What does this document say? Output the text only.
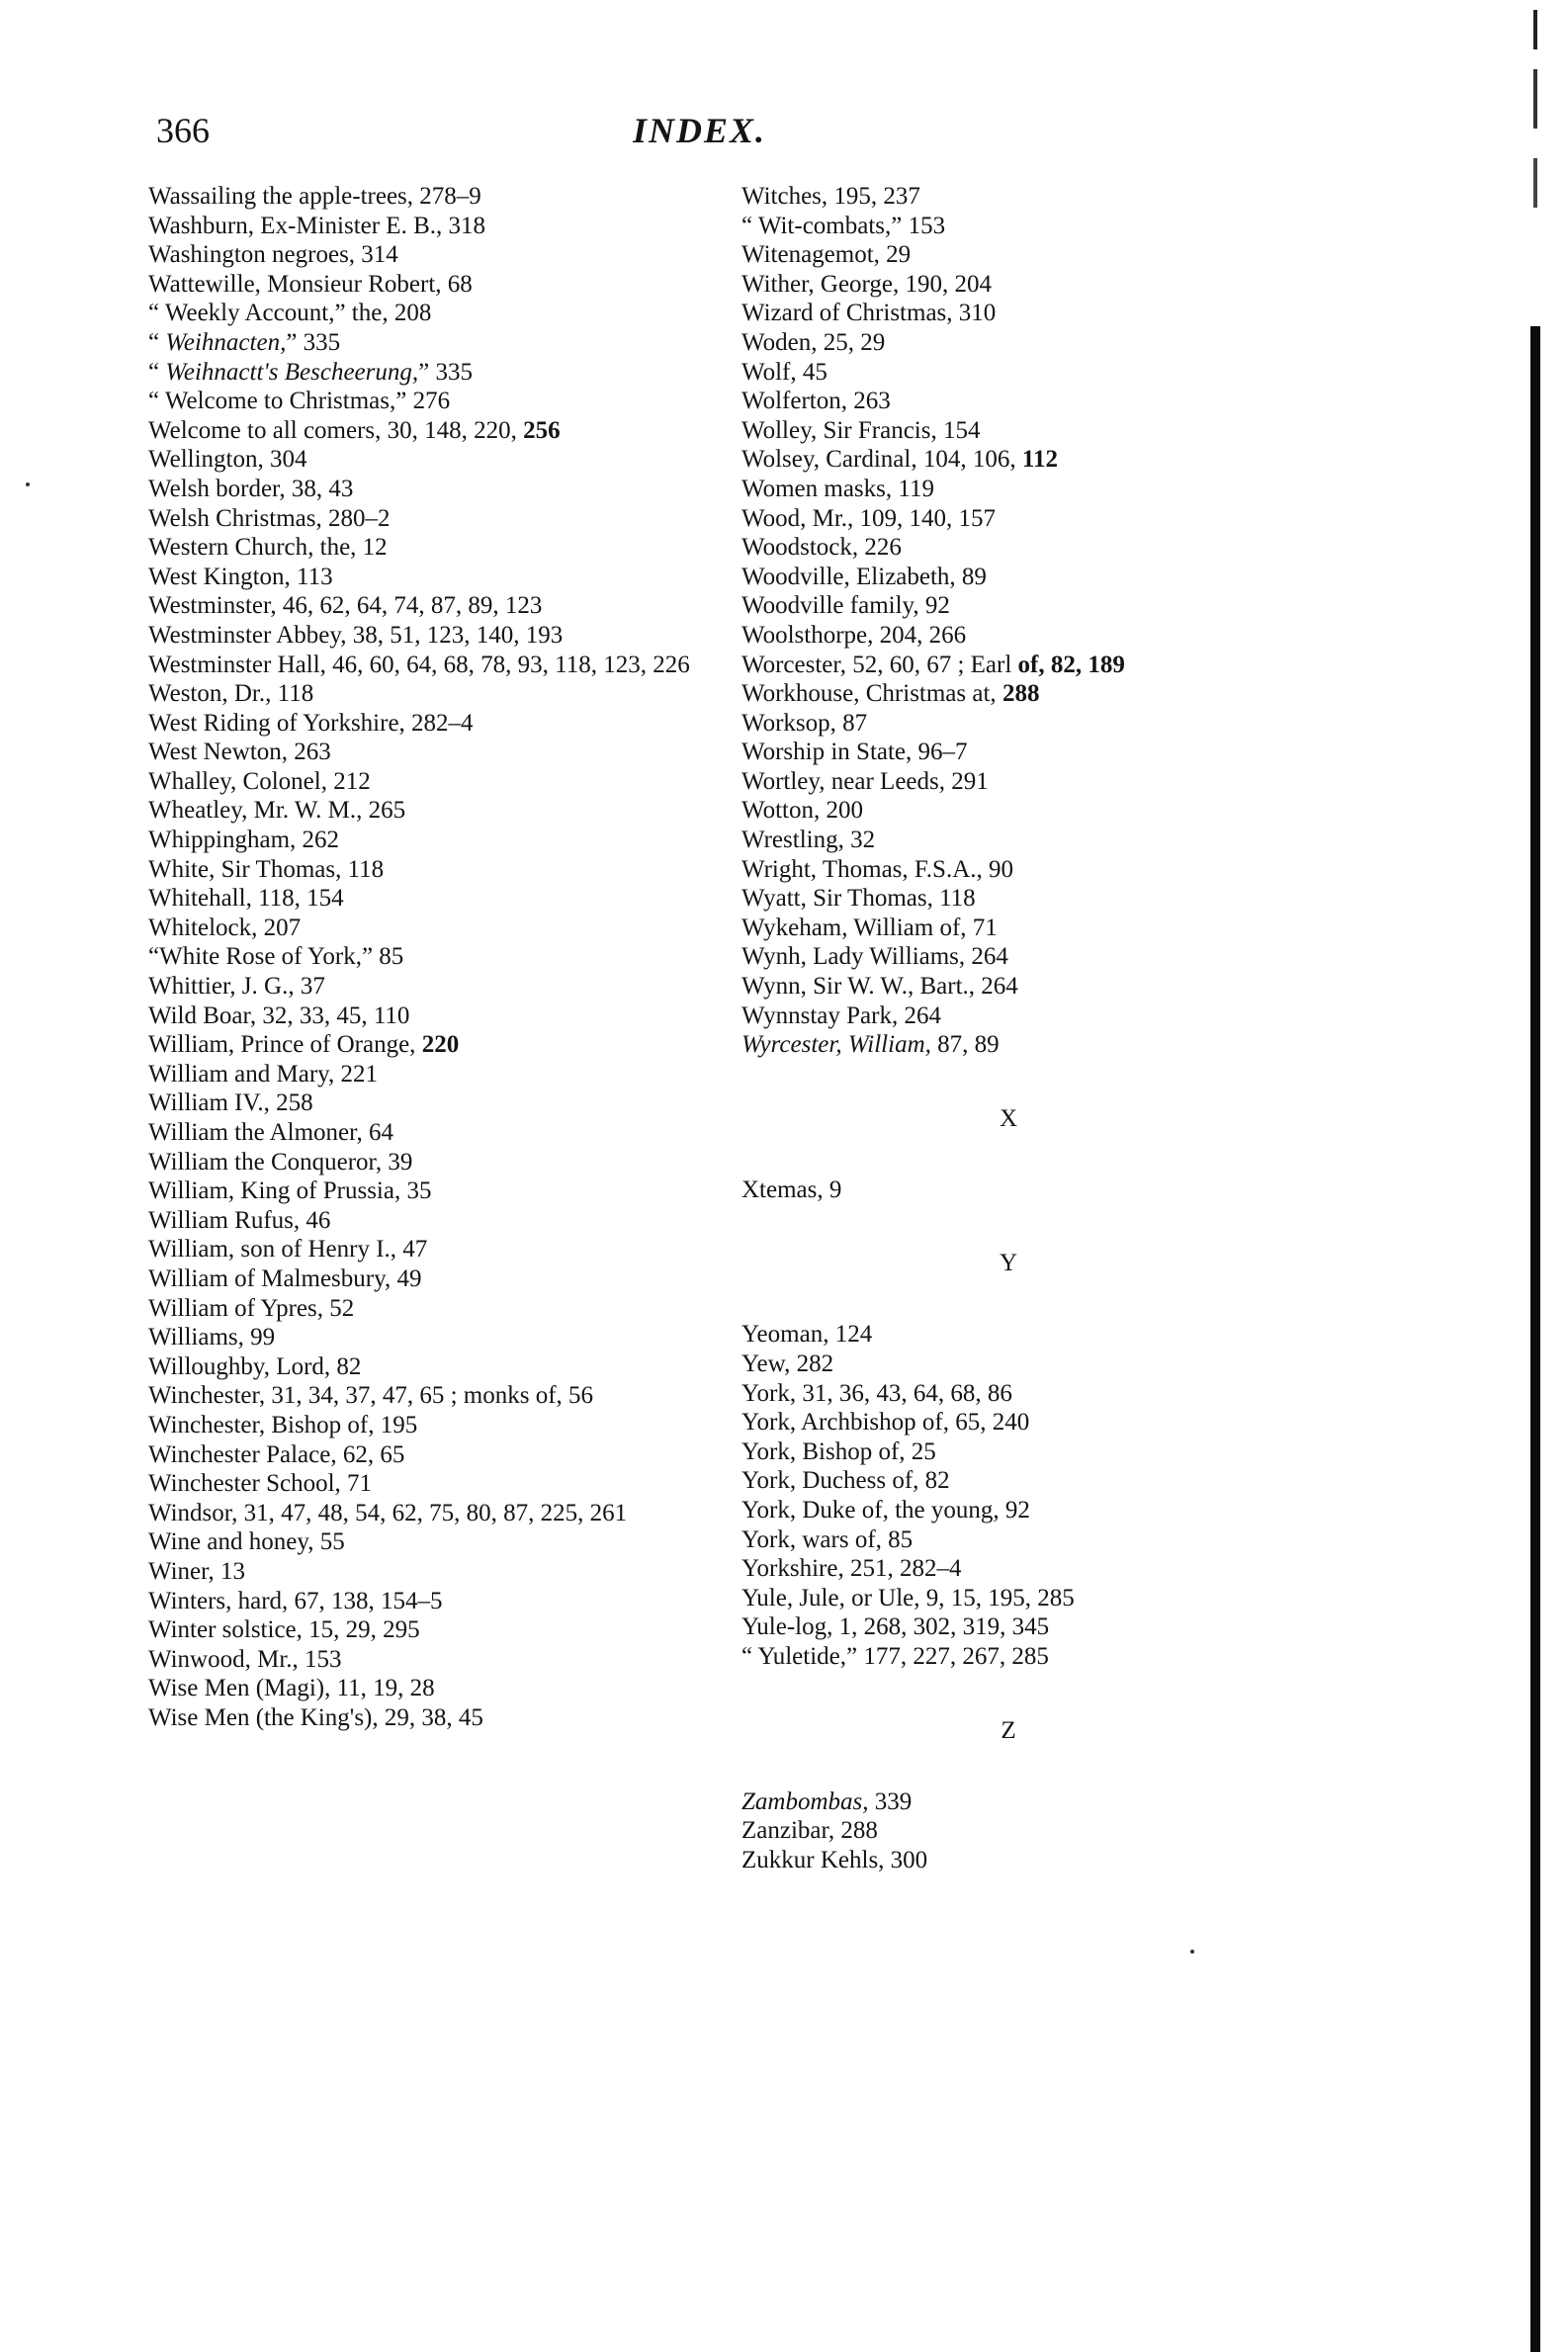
366	INDEX.
Wassailing the apple-trees, 278–9
Washburn, Ex-Minister E. B., 318
Washington negroes, 314
Wattewille, Monsieur Robert, 68
“ Weekly Account,” the, 208
“ Weihnacten,” 335
“ Weihnactt's Bescheerung,” 335
“ Welcome to Christmas,” 276
Welcome to all comers, 30, 148, 220, 256
Wellington, 304
Welsh border, 38, 43
Welsh Christmas, 280–2
Western Church, the, 12
West Kington, 113
Westminster, 46, 62, 64, 74, 87, 89, 123
Westminster Abbey, 38, 51, 123, 140, 193
Westminster Hall, 46, 60, 64, 68, 78, 93, 118, 123, 226
Weston, Dr., 118
West Riding of Yorkshire, 282–4
West Newton, 263
Whalley, Colonel, 212
Wheatley, Mr. W. M., 265
Whippingham, 262
White, Sir Thomas, 118
Whitehall, 118, 154
Whitelock, 207
“White Rose of York,” 85
Whittier, J. G., 37
Wild Boar, 32, 33, 45, 110
William, Prince of Orange, 220
William and Mary, 221
William IV., 258
William the Almoner, 64
William the Conqueror, 39
William, King of Prussia, 35
William Rufus, 46
William, son of Henry I., 47
William of Malmesbury, 49
William of Ypres, 52
Williams, 99
Willoughby, Lord, 82
Winchester, 31, 34, 37, 47, 65 ; monks of, 56
Winchester, Bishop of, 195
Winchester Palace, 62, 65
Winchester School, 71
Windsor, 31, 47, 48, 54, 62, 75, 80, 87, 225, 261
Wine and honey, 55
Winer, 13
Winters, hard, 67, 138, 154–5
Winter solstice, 15, 29, 295
Winwood, Mr., 153
Wise Men (Magi), 11, 19, 28
Wise Men (the King's), 29, 38, 45
Witches, 195, 237
“ Wit-combats,” 153
Witenagemot, 29
Wither, George, 190, 204
Wizard of Christmas, 310
Woden, 25, 29
Wolf, 45
Wolferton, 263
Wolley, Sir Francis, 154
Wolsey, Cardinal, 104, 106, 112
Women masks, 119
Wood, Mr., 109, 140, 157
Woodstock, 226
Woodville, Elizabeth, 89
Woodville family, 92
Woolsthorpe, 204, 266
Worcester, 52, 60, 67 ; Earl of, 82, 189
Workhouse, Christmas at, 288
Worksop, 87
Worship in State, 96–7
Wortley, near Leeds, 291
Wotton, 200
Wrestling, 32
Wright, Thomas, F.S.A., 90
Wyatt, Sir Thomas, 118
Wykeham, William of, 71
Wynh, Lady Williams, 264
Wynn, Sir W. W., Bart., 264
Wynnstay Park, 264
Wyrcester, William, 87, 89
X
Xtemas, 9
Y
Yeoman, 124
Yew, 282
York, 31, 36, 43, 64, 68, 86
York, Archbishop of, 65, 240
York, Bishop of, 25
York, Duchess of, 82
York, Duke of, the young, 92
York, wars of, 85
Yorkshire, 251, 282–4
Yule, Jule, or Ule, 9, 15, 195, 285
Yule-log, 1, 268, 302, 319, 345
“ Yuletide,” 177, 227, 267, 285
Z
Zambombas, 339
Zanzibar, 288
Zukkur Kehls, 300
